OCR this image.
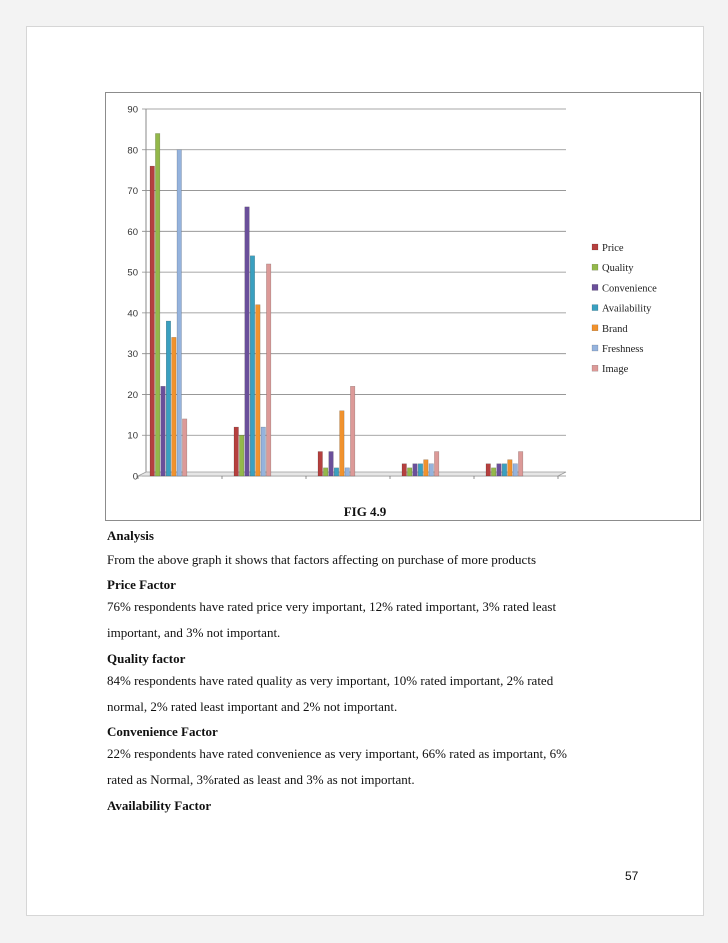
0
10
20
30
40
50
60
70
80
90
Price
Quality
Convenience
Availability
Brand
Freshness
Image
FIG 4.9
Analysis
From the above graph it shows that factors affecting on purchase of more products
Price Factor
76% respondents have rated price very important, 12% rated important, 3% rated least
important, and 3% not important.
Quality factor
84% respondents have rated quality as very important, 10% rated important, 2% rated
normal, 2% rated least important and 2% not important.
Convenience Factor
22% respondents have rated convenience as very important, 66% rated as important, 6%
rated as Normal, 3%rated as least and 3% as not important.
Availability Factor
57
